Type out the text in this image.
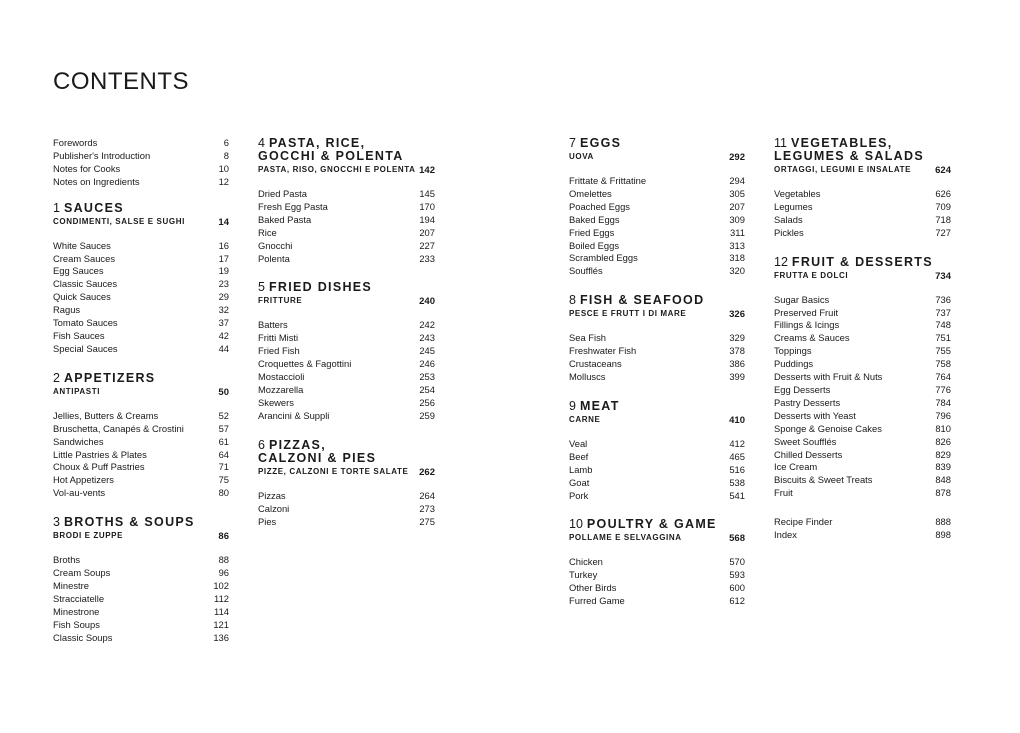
CONTENTS
Forewords	6
Publisher's Introduction	8
Notes for Cooks	10
Notes on Ingredients	12
1 SAUCES
CONDIMENTI, SALSE E SUGHI	14
White Sauces	16
Cream Sauces	17
Egg Sauces	19
Classic Sauces	23
Quick Sauces	29
Ragus	32
Tomato Sauces	37
Fish Sauces	42
Special Sauces	44
2 APPETIZERS
ANTIPASTI	50
Jellies, Butters & Creams	52
Bruschetta, Canapés & Crostini	57
Sandwiches	61
Little Pastries & Plates	64
Choux & Puff Pastries	71
Hot Appetizers	75
Vol-au-vents	80
3 BROTHS & SOUPS
BRODI E ZUPPE	86
Broths	88
Cream Soups	96
Minestre	102
Stracciatelle	112
Minestrone	114
Fish Soups	121
Classic Soups	136
4 PASTA, RICE,
GOCCHI & POLENTA
PASTA, RISO, GNOCCHI E POLENTA 142
Dried Pasta	145
Fresh Egg Pasta	170
Baked Pasta	194
Rice	207
Gnocchi	227
Polenta	233
5 FRIED DISHES
FRITTURE	240
Batters	242
Fritti Misti	243
Fried Fish	245
Croquettes & Fagottini	246
Mostaccioli	253
Mozzarella	254
Skewers	256
Arancini & Suppli	259
6 PIZZAS,
CALZONI & PIES
PIZZE, CALZONI E TORTE SALATE 262
Pizzas	264
Calzoni	273
Pies	275
7 EGGS
UOVA	292
Frittate & Frittatine	294
Omelettes	305
Poached Eggs	207
Baked Eggs	309
Fried Eggs	311
Boiled Eggs	313
Scrambled Eggs	318
Soufflés	320
8 FISH & SEAFOOD
PESCE E FRUTT I DI MARE	326
Sea Fish	329
Freshwater Fish	378
Crustaceans	386
Molluscs	399
9 MEAT
CARNE	410
Veal	412
Beef	465
Lamb	516
Goat	538
Pork	541
10 POULTRY & GAME
POLLAME E SELVAGGINA	568
Chicken	570
Turkey	593
Other Birds	600
Furred Game	612
11 VEGETABLES,
LEGUMES & SALADS
ORTAGGI, LEGUMI E INSALATE	624
Vegetables	626
Legumes	709
Salads	718
Pickles	727
12 FRUIT & DESSERTS
FRUTTA E DOLCI	734
Sugar Basics	736
Preserved Fruit	737
Fillings & Icings	748
Creams & Sauces	751
Toppings	755
Puddings	758
Desserts with Fruit & Nuts	764
Egg Desserts	776
Pastry Desserts	784
Desserts with Yeast	796
Sponge & Genoise Cakes	810
Sweet Soufflés	826
Chilled Desserts	829
Ice Cream	839
Biscuits & Sweet Treats	848
Fruit	878
Recipe Finder	888
Index	898
